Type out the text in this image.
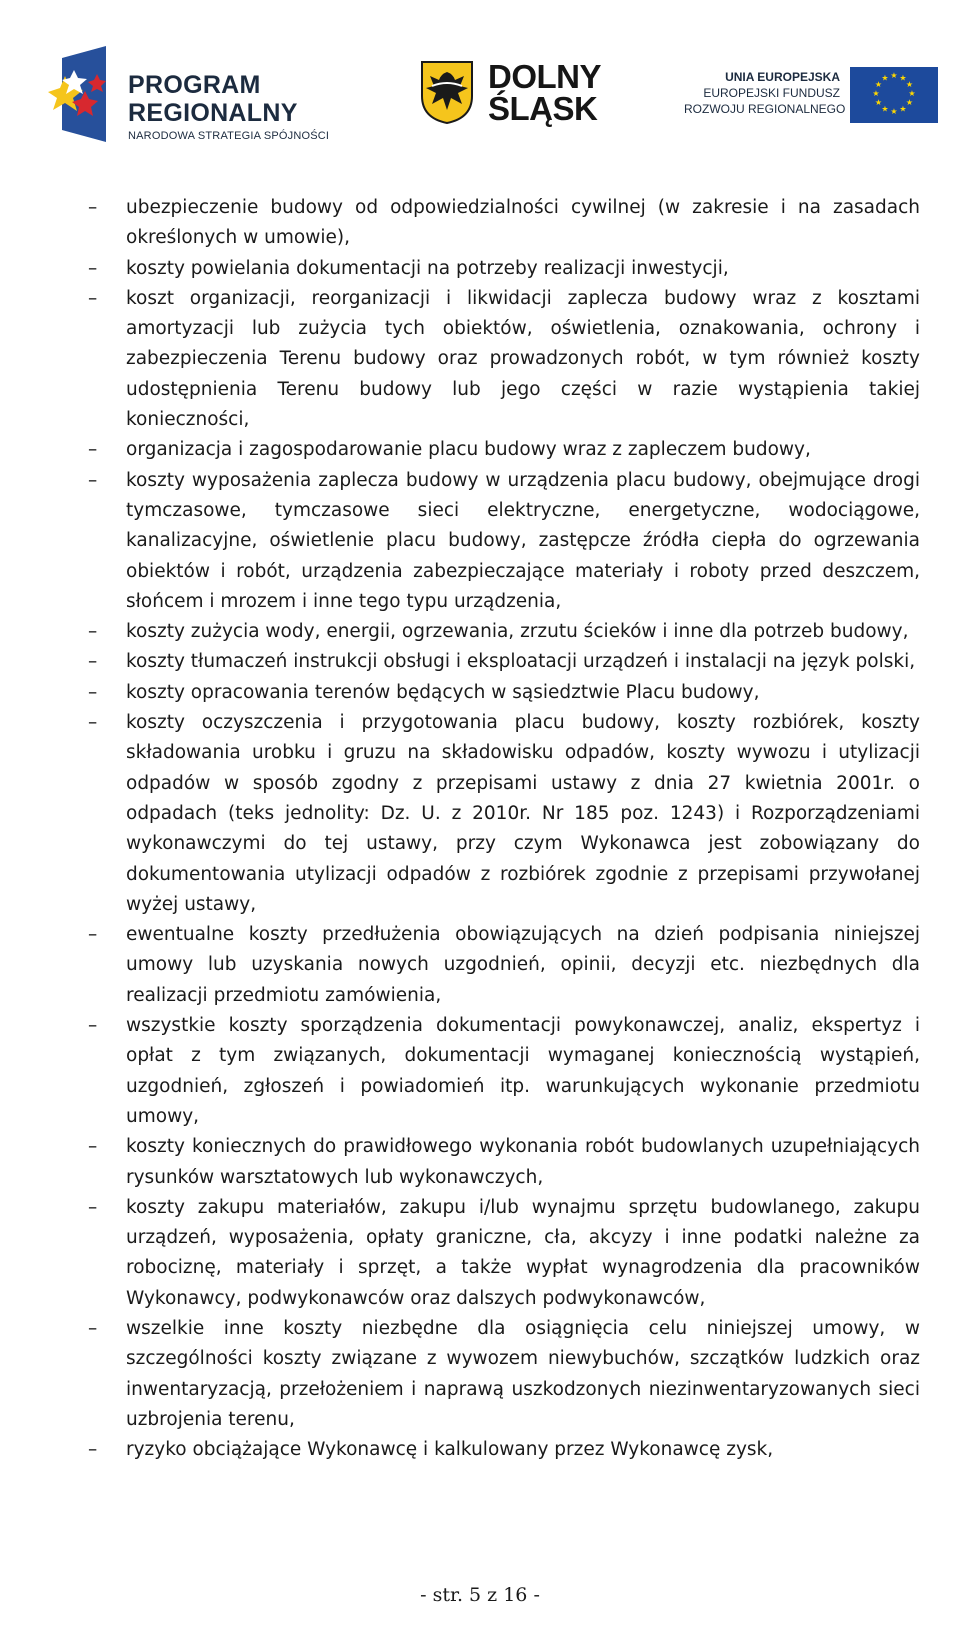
PROGRAM
REGIONALNY
NARODOWA STRATEGIA SPÓJNOŚCI
DOLNY
ŚLĄSK
UNIA EUROPEJSKA
EUROPEJSKI FUNDUSZ
ROZWOJU REGIONALNEGO
★ ★
★
★
★
★
★
★
★
★
★
★
–	ubezpieczenie budowy od odpowiedzialności cywilnej (w zakresie i na zasadach określonych w umowie),
–	koszty powielania dokumentacji na potrzeby realizacji inwestycji,
–	koszt organizacji, reorganizacji i likwidacji zaplecza budowy wraz z kosztami amortyzacji lub zużycia tych obiektów, oświetlenia, oznakowania, ochrony i zabezpieczenia Terenu budowy oraz prowadzonych robót, w tym również koszty udostępnienia Terenu budowy lub jego części w razie wystąpienia takiej konieczności,
–	organizacja i zagospodarowanie placu budowy wraz z zapleczem budowy,
–	koszty wyposażenia zaplecza budowy w urządzenia placu budowy, obejmujące drogi tymczasowe, tymczasowe sieci elektryczne, energetyczne, wodociągowe, kanalizacyjne, oświetlenie placu budowy, zastępcze źródła ciepła do ogrzewania obiektów i robót, urządzenia zabezpieczające materiały i roboty przed deszczem, słońcem i mrozem i inne tego typu urządzenia,
–	koszty zużycia wody, energii, ogrzewania, zrzutu ścieków i inne dla potrzeb budowy,
–	koszty tłumaczeń instrukcji obsługi i eksploatacji urządzeń i instalacji na język polski,
–	koszty opracowania terenów będących w sąsiedztwie Placu budowy,
–	koszty oczyszczenia i przygotowania placu budowy, koszty rozbiórek, koszty składowania urobku i gruzu na składowisku odpadów, koszty wywozu i utylizacji odpadów w sposób zgodny z przepisami ustawy z dnia 27 kwietnia 2001r. o odpadach (teks jednolity: Dz. U. z 2010r. Nr 185 poz. 1243) i Rozporządzeniami wykonawczymi do tej ustawy, przy czym Wykonawca jest zobowiązany do dokumentowania utylizacji odpadów z rozbiórek zgodnie z przepisami przywołanej wyżej ustawy,
–	ewentualne koszty przedłużenia obowiązujących na dzień podpisania niniejszej umowy lub uzyskania nowych uzgodnień, opinii, decyzji etc. niezbędnych dla realizacji przedmiotu zamówienia,
–	wszystkie koszty sporządzenia dokumentacji powykonawczej, analiz, ekspertyz i opłat z tym związanych, dokumentacji wymaganej koniecznością wystąpień, uzgodnień, zgłoszeń i powiadomień itp. warunkujących wykonanie przedmiotu umowy,
–	koszty koniecznych do prawidłowego wykonania robót budowlanych uzupełniających rysunków warsztatowych lub wykonawczych,
–	koszty zakupu materiałów, zakupu i/lub wynajmu sprzętu budowlanego, zakupu urządzeń, wyposażenia, opłaty graniczne, cła, akcyzy i inne podatki należne za robociznę, materiały i sprzęt, a także wypłat wynagrodzenia dla pracowników Wykonawcy, podwykonawców oraz dalszych podwykonawców,
–	wszelkie inne koszty niezbędne dla osiągnięcia celu niniejszej umowy, w szczególności koszty związane z wywozem niewybuchów, szczątków ludzkich oraz inwentaryzacją, przełożeniem i naprawą uszkodzonych niezinwentaryzowanych sieci uzbrojenia terenu,
–	ryzyko obciążające Wykonawcę i kalkulowany przez Wykonawcę zysk,
- str. 5 z 16 -
